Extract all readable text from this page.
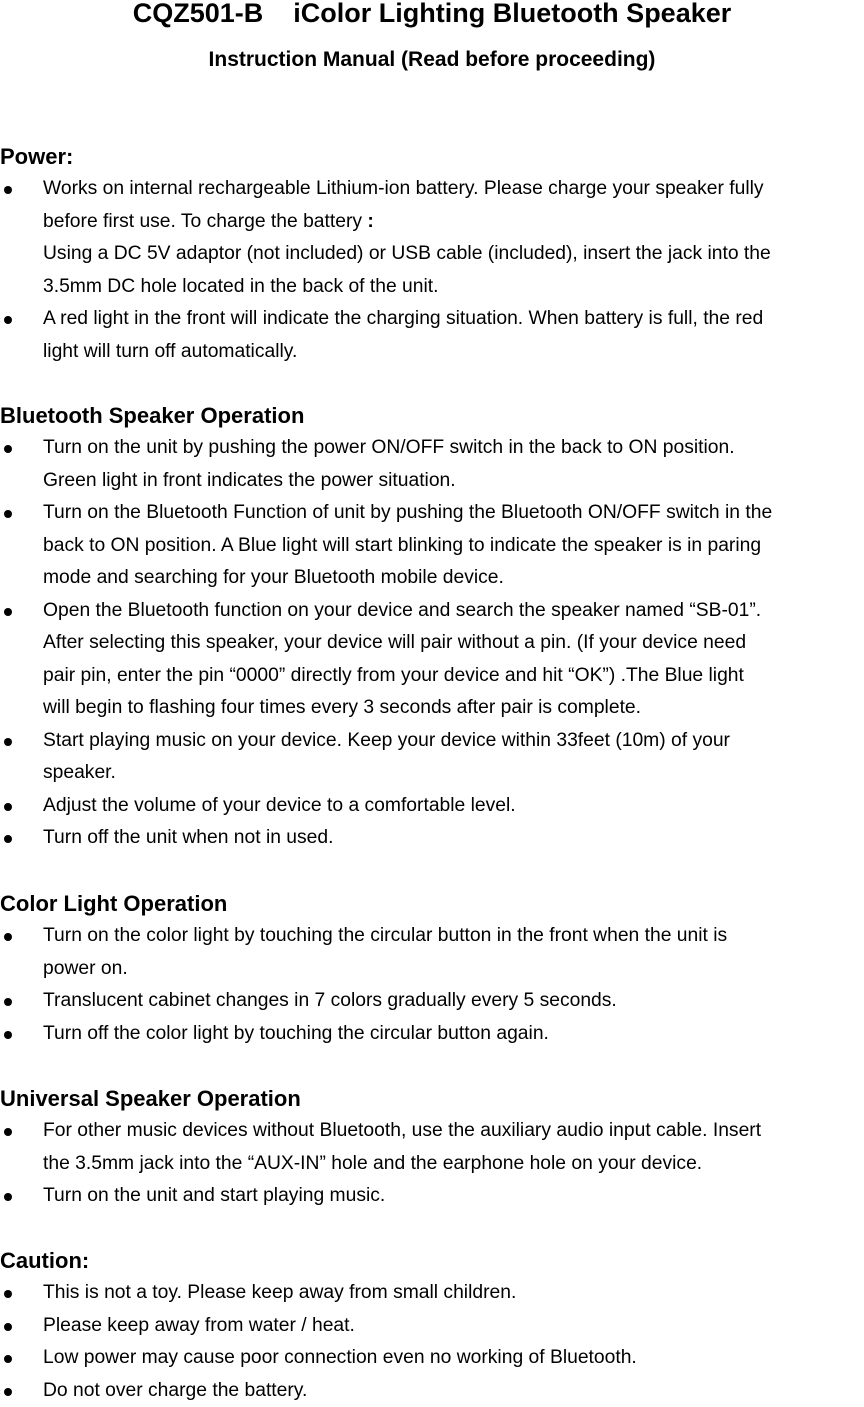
CQZ501-B    iColor Lighting Bluetooth Speaker
Instruction Manual (Read before proceeding)
Power:
Works on internal rechargeable Lithium-ion battery. Please charge your speaker fully
before first use. To charge the battery :
Using a DC 5V adaptor (not included) or USB cable (included), insert the jack into the
3.5mm DC hole located in the back of the unit.
A red light in the front will indicate the charging situation. When battery is full, the red
light will turn off automatically.
Bluetooth Speaker Operation
Turn on the unit by pushing the power ON/OFF switch in the back to ON position.
Green light in front indicates the power situation.
Turn on the Bluetooth Function of unit by pushing the Bluetooth ON/OFF switch in the
back to ON position. A Blue light will start blinking to indicate the speaker is in paring
mode and searching for your Bluetooth mobile device.
Open the Bluetooth function on your device and search the speaker named “SB-01”.
After selecting this speaker, your device will pair without a pin. (If your device need
pair pin, enter the pin “0000” directly from your device and hit “OK”) .The Blue light
will begin to flashing four times every 3 seconds after pair is complete.
Start playing music on your device. Keep your device within 33feet (10m) of your
speaker.
Adjust the volume of your device to a comfortable level.
Turn off the unit when not in used.
Color Light Operation
Turn on the color light by touching the circular button in the front when the unit is
power on.
Translucent cabinet changes in 7 colors gradually every 5 seconds.
Turn off the color light by touching the circular button again.
Universal Speaker Operation
For other music devices without Bluetooth, use the auxiliary audio input cable. Insert
the 3.5mm jack into the “AUX-IN” hole and the earphone hole on your device.
Turn on the unit and start playing music.
Caution:
This is not a toy. Please keep away from small children.
Please keep away from water / heat.
Low power may cause poor connection even no working of Bluetooth.
Do not over charge the battery.
